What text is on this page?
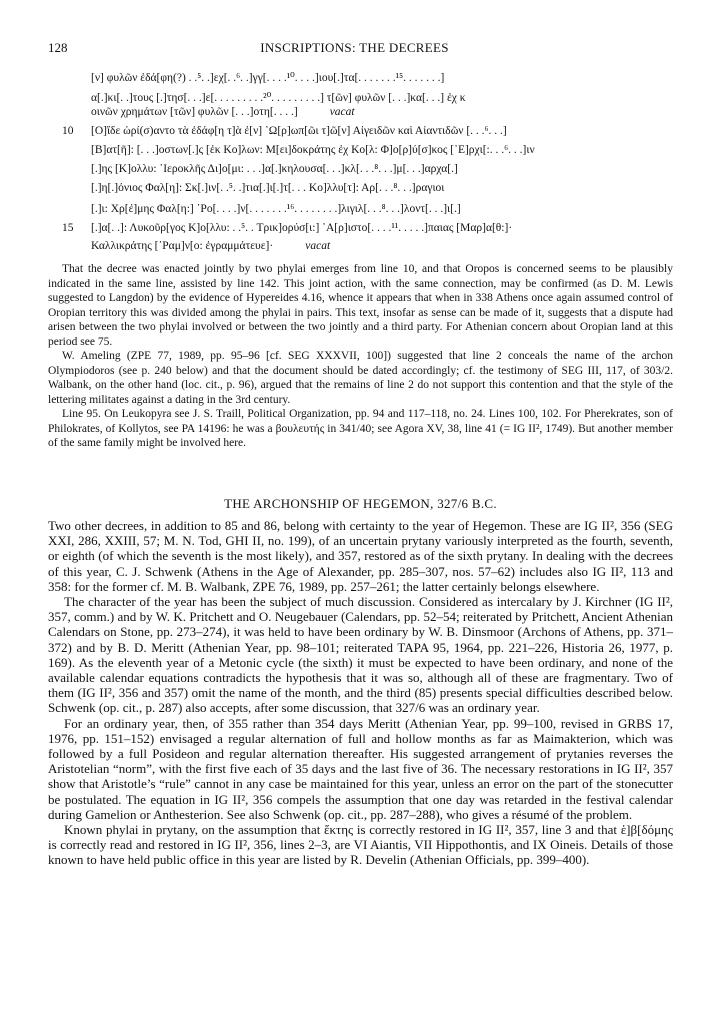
128	INSCRIPTIONS: THE DECREES
[ν] φυλῶν ἐδά[φη(?) . .⁵. .]εχ[. .⁶. .]γγ[. . . .¹⁰. . . .]ιου[.]τα[. . . . . . .¹⁵. . . . . . .]
α[.]κι[. .]τους [.]τησ[. . .]ε[. . . . . . . . .²⁰. . . . . . . . .] τ[ῶν] φυλῶν [. . .]κα[. . .] ἐχ κ
οινῶν χρημάτων [τῶν] φυλῶν [. . .]οτη[. . . .]	vacat
10	[Ο]ἴδε ὡρί(σ)αντο τὰ ἐδάφ[η τ]ὰ ἐ[ν] ᾽Ω[ρ]ωπ[ῶι τ]ῶ[ν] Αἰγειδῶν καὶ Αἰαντιδῶν [. . .⁶. . .]
[Β]ατ[ῆ]: [. . .]οστων[.]ς [ἐκ Κο]λων: Μ[ει]δοκράτης ἐχ Κο[λ: Φ]ο[ρ]ύ[σ]κος [᾽Ε]ρχι[:. . .⁶. . .]ιν
[.]ης [Κ]ολλυ: ῾Ιεροκλῆς Δι]ο[μι: . . .]α[.]κηλουσα[. . .]κλ[. . .⁸. . .]μ[. . .]αρχα[.]
[.]η[.]όνιος Φαλ[η]: Σκ[.]ιν[. .⁵. .]τια[.]ι[.]τ[. . . Κο]λλυ[τ]: Αρ[. . .⁸. . .]ραγιοι
[.]ι: Χρ[έ]μης Φαλ[η:] ᾽Ρο[. . . .]ν[. . . . . . .¹⁶. . . . . . . .]λιγιλ[. . .⁸. . .]λοντ[. . .]ι[.]
15	[.]α[. .]: Λυκοῦρ[γος Κ]ο[λλυ: . .⁵. . Τρικ]ορύσ[ι:] ᾽Α[ρ]ιστο[. . . .¹¹. . . . .]παιας [Μαρ]α[θ:]·
Καλλικράτης [᾽Ραμ]ν[ο: ἐγραμμάτευε]·	vacat

That the decree was enacted jointly by two phylai emerges from line 10, and that Oropos is concerned seems to be plausibly indicated in the same line, assisted by line 142. This joint action, with the same connection, may be confirmed (as D. M. Lewis suggested to Langdon) by the evidence of Hypereides 4.16, whence it appears that when in 338 Athens once again assumed control of Oropian territory this was divided among the phylai in pairs. This text, insofar as sense can be made of it, suggests that a dispute had arisen between the two phylai involved or between the two jointly and a third party. For Athenian concern about Oropian land at this period see 75.

W. Ameling (ZPE 77, 1989, pp. 95–96 [cf. SEG XXXVII, 100]) suggested that line 2 conceals the name of the archon Olympiodoros (see p. 240 below) and that the document should be dated accordingly; cf. the testimony of SEG III, 117, of 303/2. Walbank, on the other hand (loc. cit., p. 96), argued that the remains of line 2 do not support this contention and that the style of the lettering militates against a dating in the 3rd century.

Line 95. On Leukopyra see J. S. Traill, Political Organization, pp. 94 and 117–118, no. 24. Lines 100, 102. For Pherekrates, son of Philokrates, of Kollytos, see PA 14196: he was a βουλευτής in 341/40; see Agora XV, 38, line 41 (= IG II², 1749). But another member of the same family might be involved here.

THE ARCHONSHIP OF HEGEMON, 327/6 B.C.

Two other decrees, in addition to 85 and 86, belong with certainty to the year of Hegemon. These are IG II², 356 (SEG XXI, 286, XXIII, 57; M. N. Tod, GHI II, no. 199), of an uncertain prytany variously interpreted as the fourth, seventh, or eighth (of which the seventh is the most likely), and 357, restored as of the sixth prytany. In dealing with the decrees of this year, C. J. Schwenk (Athens in the Age of Alexander, pp. 285–307, nos. 57–62) includes also IG II², 113 and 358: for the former cf. M. B. Walbank, ZPE 76, 1989, pp. 257–261; the latter certainly belongs elsewhere.

The character of the year has been the subject of much discussion. Considered as intercalary by J. Kirchner (IG II², 357, comm.) and by W. K. Pritchett and O. Neugebauer (Calendars, pp. 52–54; reiterated by Pritchett, Ancient Athenian Calendars on Stone, pp. 273–274), it was held to have been ordinary by W. B. Dinsmoor (Archons of Athens, pp. 371–372) and by B. D. Meritt (Athenian Year, pp. 98–101; reiterated TAPA 95, 1964, pp. 221–226, Historia 26, 1977, p. 169). As the eleventh year of a Metonic cycle (the sixth) it must be expected to have been ordinary, and none of the available calendar equations contradicts the hypothesis that it was so, although all of these are fragmentary. Two of them (IG II², 356 and 357) omit the name of the month, and the third (85) presents special difficulties described below. Schwenk (op. cit., p. 287) also accepts, after some discussion, that 327/6 was an ordinary year.

For an ordinary year, then, of 355 rather than 354 days Meritt (Athenian Year, pp. 99–100, revised in GRBS 17, 1976, pp. 151–152) envisaged a regular alternation of full and hollow months as far as Maimakterion, which was followed by a full Posideon and regular alternation thereafter. His suggested arrangement of prytanies reverses the Aristotelian “norm”, with the first five each of 35 days and the last five of 36. The necessary restorations in IG II², 357 show that Aristotle’s “rule” cannot in any case be maintained for this year, unless an error on the part of the stonecutter be postulated. The equation in IG II², 356 compels the assumption that one day was retarded in the festival calendar during Gamelion or Anthesterion. See also Schwenk (op. cit., pp. 287–288), who gives a résumé of the problem.

Known phylai in prytany, on the assumption that ἕκτης is correctly restored in IG II², 357, line 3 and that ἑ]β[δόμης is correctly read and restored in IG II², 356, lines 2–3, are VI Aiantis, VII Hippothontis, and IX Oineis. Details of those known to have held public office in this year are listed by R. Develin (Athenian Officials, pp. 399–400).
